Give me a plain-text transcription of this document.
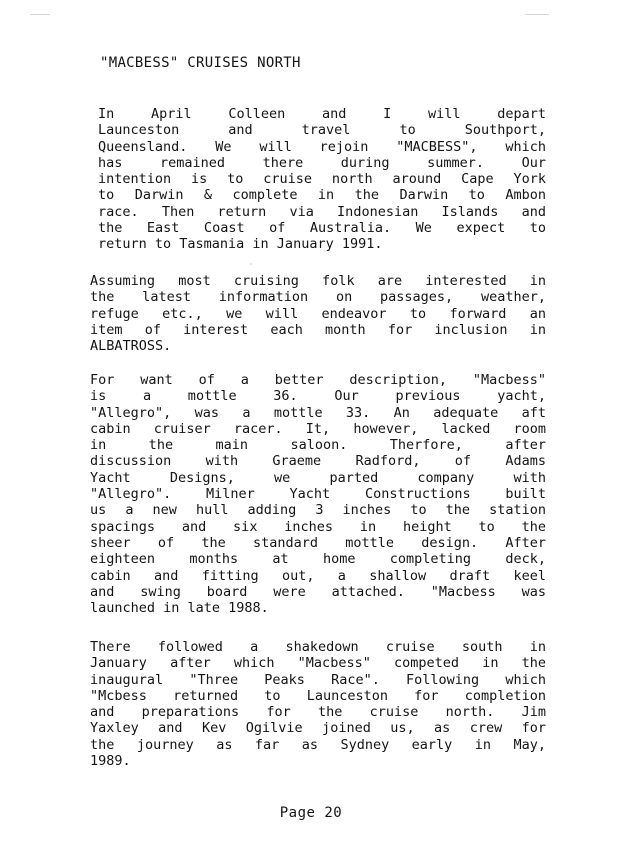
"MACBESS" CRUISES NORTH
In April Colleen and I will depart
Launceston and travel to Southport,
Queensland. We will rejoin "MACBESS", which
has remained there during summer. Our
intention is to cruise north around Cape York
to Darwin & complete in the Darwin to Ambon
race. Then return via Indonesian Islands and
the East Coast of Australia. We expect to
return to Tasmania in January 1991.
Assuming most cruising folk are interested in
the latest information on passages, weather,
refuge etc., we will endeavor to forward an
item of interest each month for inclusion in
ALBATROSS.
For want of a better description, "Macbess"
is a mottle 36. Our previous yacht,
"Allegro", was a mottle 33. An adequate aft
cabin cruiser racer. It, however, lacked room
in the main saloon. Therfore, after
discussion with Graeme Radford, of Adams
Yacht Designs, we parted company with
"Allegro". Milner Yacht Constructions built
us a new hull adding 3 inches to the station
spacings and six inches in height to the
sheer of the standard mottle design. After
eighteen months at home completing deck,
cabin and fitting out, a shallow draft keel
and swing board were attached. "Macbess was
launched in late 1988.
There followed a shakedown cruise south in
January after which "Macbess" competed in the
inaugural "Three Peaks Race". Following which
"Mcbess returned to Launceston for completion
and preparations for the cruise north. Jim
Yaxley and Kev Ogilvie joined us, as crew for
the journey as far as Sydney early in May,
1989.
Page 20
